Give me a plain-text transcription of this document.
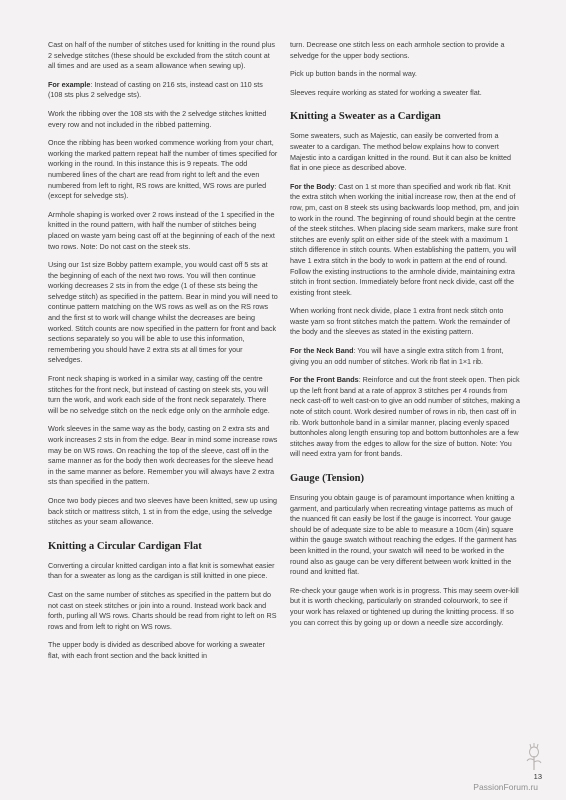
Cast on half of the number of stitches used for knitting in the round plus 2 selvedge stitches (these should be excluded from the stitch count at all times and are used as a seam allowance when sewing up).

For example: Instead of casting on 216 sts, instead cast on 110 sts (108 sts plus 2 selvedge sts).

Work the ribbing over the 108 sts with the 2 selvedge stitches knitted every row and not included in the ribbed patterning.

Once the ribbing has been worked commence working from your chart, working the marked pattern repeat half the number of times specified for working in the round. In this instance this is 9 repeats. The odd numbered lines of the chart are read from right to left and the even numbered from left to right, RS rows are knitted, WS rows are purled (except for selvedge sts).

Armhole shaping is worked over 2 rows instead of the 1 specified in the knitted in the round pattern, with half the number of stitches being placed on waste yarn being cast off at the beginning of each of the next two rows. Note: Do not cast on the steek sts.

Using our 1st size Bobby pattern example, you would cast off 5 sts at the beginning of each of the next two rows. You will then continue working decreases 2 sts in from the edge (1 of these sts being the selvedge stitch) as specified in the pattern. Bear in mind you will need to continue pattern matching on the WS rows as well as on the RS rows and the first st to work will change whilst the decreases are being worked. Stitch counts are now specified in the pattern for front and back sections separately so you will be able to use this information, remembering you should have 2 extra sts at all times for your selvedges.

Front neck shaping is worked in a similar way, casting off the centre stitches for the front neck, but instead of casting on steek sts, you will turn the work, and work each side of the front neck separately. There will be no selvedge stitch on the neck edge only on the armhole edge.

Work sleeves in the same way as the body, casting on 2 extra sts and work increases 2 sts in from the edge. Bear in mind some increase rows may be on WS rows. On reaching the top of the sleeve, cast off in the same manner as for the body then work decreases for the sleeve head in the same manner as before. Remember you will always have 2 extra sts than specified in the pattern.

Once two body pieces and two sleeves have been knitted, sew up using back stitch or mattress stitch, 1 st in from the edge, using the selvedge stitches as your seam allowance.

Knitting a Circular Cardigan Flat

Converting a circular knitted cardigan into a flat knit is somewhat easier than for a sweater as long as the cardigan is still knitted in one piece.

Cast on the same number of stitches as specified in the pattern but do not cast on steek stitches or join into a round. Instead work back and forth, purling all WS rows. Charts should be read from right to left on RS rows and from left to right on WS rows.

The upper body is divided as described above for working a sweater flat, with each front section and the back knitted in

turn. Decrease one stitch less on each armhole section to provide a selvedge for the upper body sections.

Pick up button bands in the normal way.

Sleeves require working as stated for working a sweater flat.

Knitting a Sweater as a Cardigan

Some sweaters, such as Majestic, can easily be converted from a sweater to a cardigan. The method below explains how to convert Majestic into a cardigan knitted in the round. But it can also be knitted flat in one piece as described above.

For the Body: Cast on 1 st more than specified and work rib flat. Knit the extra stitch when working the initial increase row, then at the end of row, pm, cast on 8 steek sts using backwards loop method, pm, and join to work in the round. The beginning of round should begin at the centre of the steek stitches. When placing side seam markers, make sure front stitches are evenly split on either side of the steek with a maximum 1 stitch difference in stitch counts. When establishing the pattern, you will have 1 extra stitch in the body to work in pattern at the end of round. Follow the existing instructions to the armhole divide, maintaining extra stitch in front section. Immediately before front neck divide, cast off the existing front steek.

When working front neck divide, place 1 extra front neck stitch onto waste yarn so front stitches match the pattern. Work the remainder of the body and the sleeves as stated in the existing pattern.

For the Neck Band: You will have a single extra stitch from 1 front, giving you an odd number of stitches. Work rib flat in 1×1 rib.

For the Front Bands: Reinforce and cut the front steek open. Then pick up the left front band at a rate of approx 3 stitches per 4 rounds from neck cast-off to welt cast-on to give an odd number of stitches, making a note of stitch count. Work desired number of rows in rib, then cast off in rib. Work buttonhole band in a similar manner, placing evenly spaced buttonholes along length ensuring top and bottom buttonholes are a few stitches away from the edges to allow for the size of button. Note: You will need extra yarn for front bands.

Gauge (Tension)

Ensuring you obtain gauge is of paramount importance when knitting a garment, and particularly when recreating vintage patterns as much of the nuanced fit can easily be lost if the gauge is incorrect. Your gauge should be of adequate size to be able to measure a 10cm (4in) square within the gauge swatch without reaching the edges. If the garment has been knitted in the round, your swatch will need to be worked in the round also as gauge can be very different between work knitted in the round and knitted flat.

Re-check your gauge when work is in progress. This may seem over-kill but it is worth checking, particularly on stranded colourwork, to see if your work has relaxed or tightened up during the knitting process. If so you can correct this by going up or down a needle size accordingly.

13
PassionForum.ru
